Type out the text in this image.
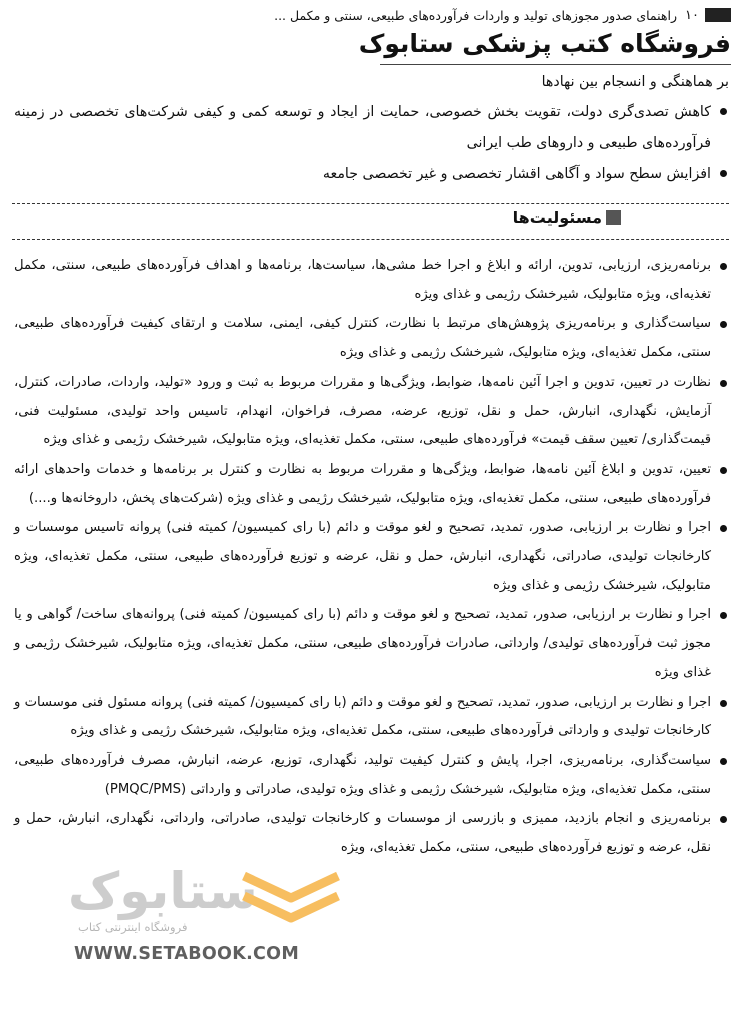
۱۰
راهنمای صدور مجوزهای تولید و واردات فرآورده‌های طبیعی، سنتی و مکمل ...
فروشگاه کتب پزشکی ستابوک
بر هماهنگی و انسجام بین نهادها
کاهش تصدی‌گری دولت، تقویت بخش خصوصی، حمایت از ایجاد و توسعه کمی و کیفی شرکت‌های تخصصی در زمینه فرآورده‌های طبیعی و داروهای طب ایرانی
افزایش سطح سواد و آگاهی اقشار تخصصی و غیر تخصصی جامعه
مسئولیت‌ها
برنامه‌ریزی، ارزیابی، تدوین، ارائه و ابلاغ و اجرا خط مشی‌ها، سیاست‌ها، برنامه‌ها و اهداف فرآورده‌های طبیعی، سنتی، مکمل تغذیه‌ای، ویژه متابولیک، شیرخشک رژیمی و غذای ویژه
سیاست‌گذاری و برنامه‌ریزی پژوهش‌های مرتبط با نظارت، کنترل کیفی، ایمنی، سلامت و ارتقای کیفیت فرآورده‌های طبیعی، سنتی، مکمل تغذیه‌ای، ویژه متابولیک، شیرخشک رژیمی و غذای ویژه
نظارت در تعیین، تدوین و اجرا آئین نامه‌ها، ضوابط، ویژگی‌ها و مقررات مربوط به ثبت و ورود «تولید، واردات، صادرات، کنترل، آزمایش، نگهداری، انبارش، حمل و نقل، توزیع، عرضه، مصرف، فراخوان، انهدام، تاسیس واحد تولیدی، مسئولیت فنی، قیمت‌گذاری/ تعیین سقف قیمت» فرآورده‌های طبیعی، سنتی، مکمل تغذیه‌ای، ویژه متابولیک، شیرخشک رژیمی و غذای ویژه
تعیین، تدوین و ابلاغ آئین نامه‌ها، ضوابط، ویژگی‌ها و مقررات مربوط به نظارت و کنترل بر برنامه‌ها و خدمات واحدهای ارائه فرآورده‌های طبیعی، سنتی، مکمل تغذیه‌ای، ویژه متابولیک، شیرخشک رژیمی و غذای ویژه (شرکت‌های پخش، داروخانه‌ها و....)
اجرا و نظارت بر ارزیابی، صدور، تمدید، تصحیح و لغو موقت و دائم (با رای کمیسیون/ کمیته فنی) پروانه تاسیس موسسات و کارخانجات تولیدی، صادراتی، نگهداری، انبارش، حمل و نقل، عرضه و توزیع فرآورده‌های طبیعی، سنتی، مکمل تغذیه‌ای، ویژه متابولیک، شیرخشک رژیمی و غذای ویژه
اجرا و نظارت بر ارزیابی، صدور، تمدید، تصحیح و لغو موقت و دائم (با رای کمیسیون/ کمیته فنی) پروانه‌های ساخت/ گواهی و یا مجوز ثبت فرآورده‌های تولیدی/ وارداتی، صادرات فرآورده‌های طبیعی، سنتی، مکمل تغذیه‌ای، ویژه متابولیک، شیرخشک رژیمی و غذای ویژه
اجرا و نظارت بر ارزیابی، صدور، تمدید، تصحیح و لغو موقت و دائم (با رای کمیسیون/ کمیته فنی) پروانه مسئول فنی موسسات و کارخانجات تولیدی و وارداتی فرآورده‌های طبیعی، سنتی، مکمل تغذیه‌ای، ویژه متابولیک، شیرخشک رژیمی و غذای ویژه
سیاست‌گذاری، برنامه‌ریزی، اجرا، پایش و کنترل کیفیت تولید، نگهداری، توزیع، عرضه، انبارش، مصرف فرآورده‌های طبیعی، سنتی، مکمل تغذیه‌ای، ویژه متابولیک، شیرخشک رژیمی و غذای ویژه تولیدی، صادراتی و وارداتی (PMQC/PMS)
برنامه‌ریزی و انجام بازدید، ممیزی و بازرسی از موسسات و کارخانجات تولیدی، صادراتی، وارداتی، نگهداری، انبارش، حمل و نقل، عرضه و توزیع فرآورده‌های طبیعی، سنتی، مکمل تغذیه‌ای، ویژه
ستابوک
فروشگاه اینترنتی کتاب
WWW.SETABOOK.COM
